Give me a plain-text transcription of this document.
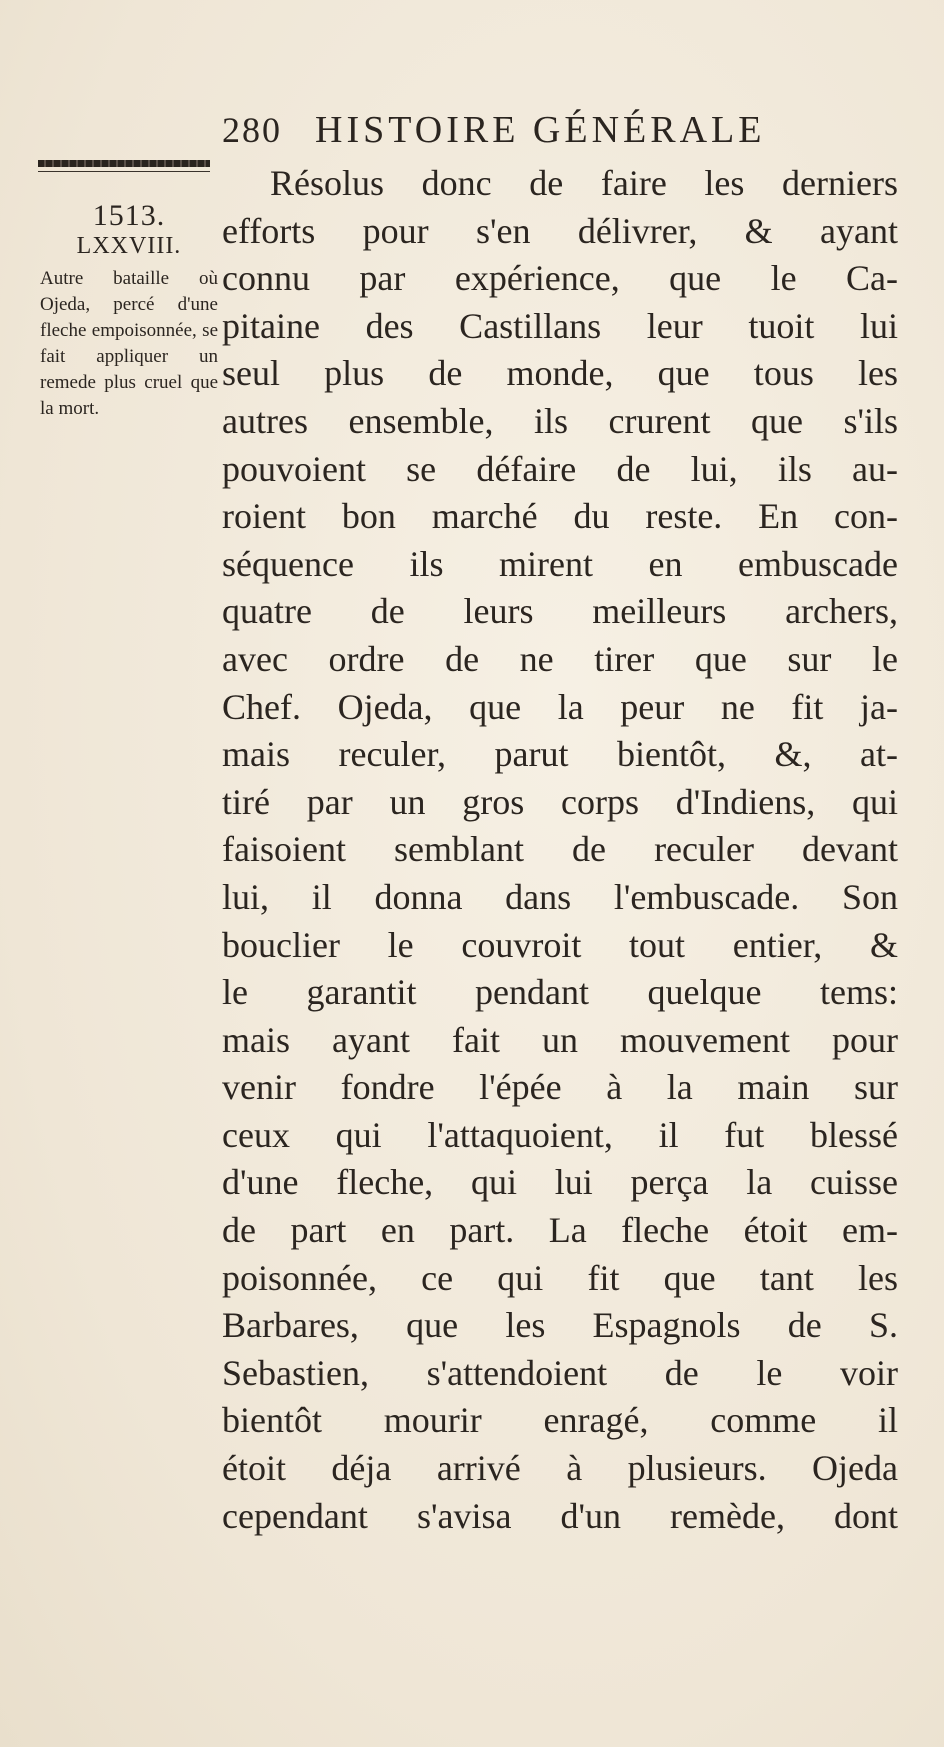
280 HISTOIRE GÉNÉRALE
1513.
LXXVIII.
Autre bataille où Ojeda, percé d'une fleche empoisonnée, se fait appliquer un remede plus cruel que la mort.
Résolus donc de faire les derniers
efforts pour s'en délivrer, & ayant
connu par expérience, que le Ca-
pitaine des Castillans leur tuoit lui
seul plus de monde, que tous les
autres ensemble, ils crurent que s'ils
pouvoient se défaire de lui, ils au-
roient bon marché du reste. En con-
séquence ils mirent en embuscade
quatre de leurs meilleurs archers,
avec ordre de ne tirer que sur le
Chef. Ojeda, que la peur ne fit ja-
mais reculer, parut bientôt, &, at-
tiré par un gros corps d'Indiens, qui
faisoient semblant de reculer devant
lui, il donna dans l'embuscade. Son
bouclier le couvroit tout entier, &
le garantit pendant quelque tems:
mais ayant fait un mouvement pour
venir fondre l'épée à la main sur
ceux qui l'attaquoient, il fut blessé
d'une fleche, qui lui perça la cuisse
de part en part. La fleche étoit em-
poisonnée, ce qui fit que tant les
Barbares, que les Espagnols de S.
Sebastien, s'attendoient de le voir
bientôt mourir enragé, comme il
étoit déja arrivé à plusieurs. Ojeda
cependant s'avisa d'un remède, dont
